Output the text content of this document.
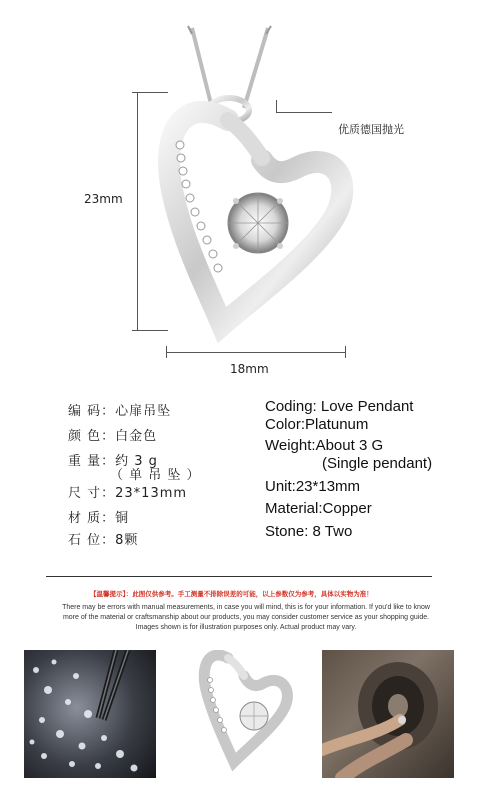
23mm
18mm
优质德国抛光
编 码：心扉吊坠
颜 色：白金色
重 量：约 3 g
（ 单 吊 坠 ）
尺 寸：23*13mm
材 质：铜
石 位：8颗
Coding: Love Pendant
Color:Platunum
Weight:About 3 G
(Single pendant)
Unit:23*13mm
Material:Copper
Stone: 8 Two
【温馨提示】：此图仅供参考。手工测量不排除误差的可能，以上参数仅为参考，具体以实物为准！
There may be errors with manual measurements, in case you will mind, this is for your information. If you'd like to know more of the material or craftsmanship about our products, you may consider customer service as your shopping guide. Images shown is for illustration purposes only. Actual product may vary.
